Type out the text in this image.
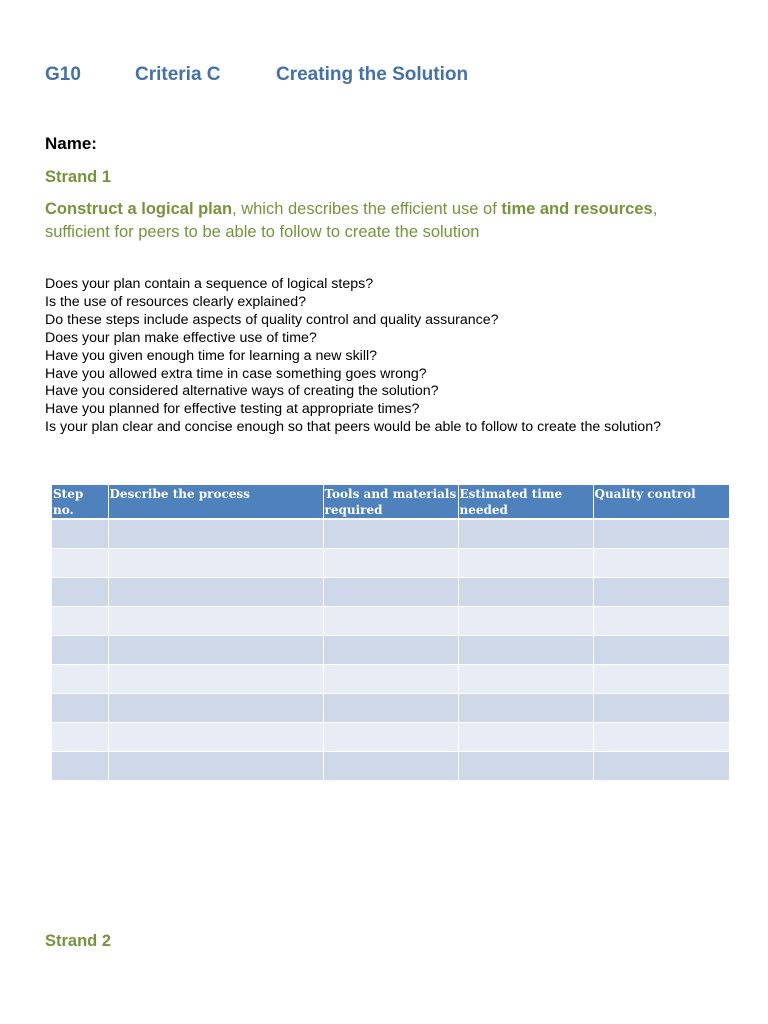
G10	Criteria C	Creating the Solution
Name:
Strand 1
Construct a logical plan, which describes the efficient use of time and resources, sufficient for peers to be able to follow to create the solution
Does your plan contain a sequence of logical steps?
Is the use of resources clearly explained?
Do these steps include aspects of quality control and quality assurance?
Does your plan make effective use of time?
Have you given enough time for learning a new skill?
Have you allowed extra time in case something goes wrong?
Have you considered alternative ways of creating the solution?
Have you planned for effective testing at appropriate times?
Is your plan clear and concise enough so that peers would be able to follow to create the solution?
Step no.	Describe the process	Tools and materials required	Estimated time needed	Quality control

Strand 2
